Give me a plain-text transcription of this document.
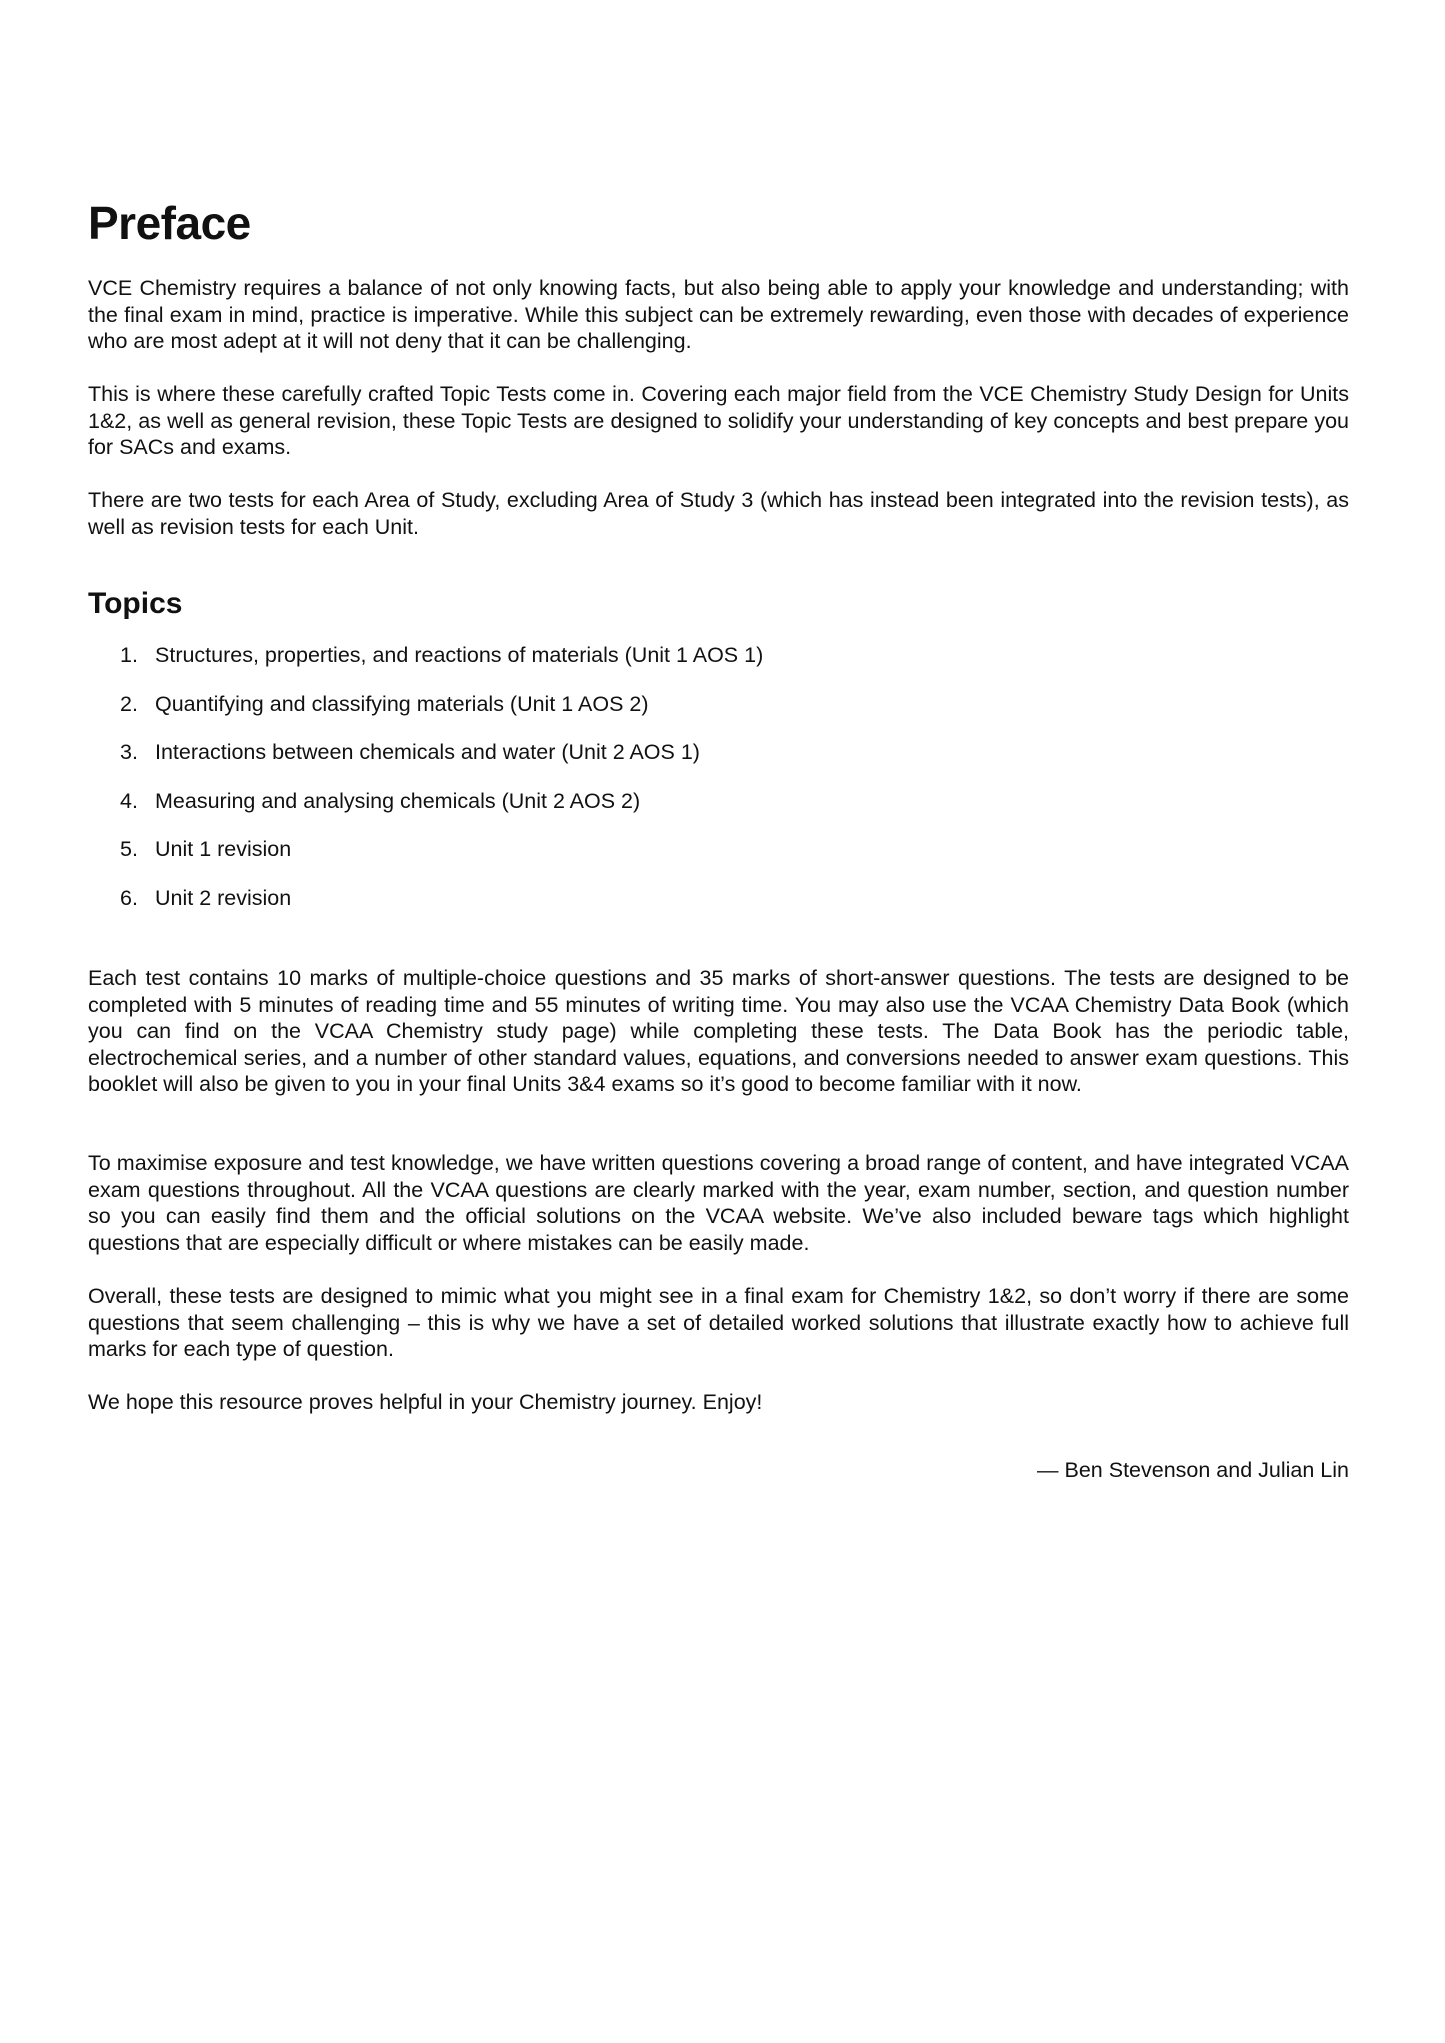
Preface

VCE Chemistry requires a balance of not only knowing facts, but also being able to apply your knowledge and understanding; with the final exam in mind, practice is imperative. While this subject can be extremely rewarding, even those with decades of experience who are most adept at it will not deny that it can be challenging.

This is where these carefully crafted Topic Tests come in. Covering each major field from the VCE Chemistry Study Design for Units 1&2, as well as general revision, these Topic Tests are designed to solidify your understanding of key concepts and best prepare you for SACs and exams.

There are two tests for each Area of Study, excluding Area of Study 3 (which has instead been integrated into the revision tests), as well as revision tests for each Unit.

Topics
1. Structures, properties, and reactions of materials (Unit 1 AOS 1)
2. Quantifying and classifying materials (Unit 1 AOS 2)
3. Interactions between chemicals and water (Unit 2 AOS 1)
4. Measuring and analysing chemicals (Unit 2 AOS 2)
5. Unit 1 revision
6. Unit 2 revision

Each test contains 10 marks of multiple-choice questions and 35 marks of short-answer questions. The tests are designed to be completed with 5 minutes of reading time and 55 minutes of writing time. You may also use the VCAA Chemistry Data Book (which you can find on the VCAA Chemistry study page) while completing these tests. The Data Book has the periodic table, electrochemical series, and a number of other standard values, equations, and conversions needed to answer exam questions. This booklet will also be given to you in your final Units 3&4 exams so it’s good to become familiar with it now.

To maximise exposure and test knowledge, we have written questions covering a broad range of content, and have integrated VCAA exam questions throughout. All the VCAA questions are clearly marked with the year, exam number, section, and question number so you can easily find them and the official solutions on the VCAA website. We’ve also included beware tags which highlight questions that are especially difficult or where mistakes can be easily made.

Overall, these tests are designed to mimic what you might see in a final exam for Chemistry 1&2, so don’t worry if there are some questions that seem challenging – this is why we have a set of detailed worked solutions that illustrate exactly how to achieve full marks for each type of question.

We hope this resource proves helpful in your Chemistry journey. Enjoy!

— Ben Stevenson and Julian Lin
